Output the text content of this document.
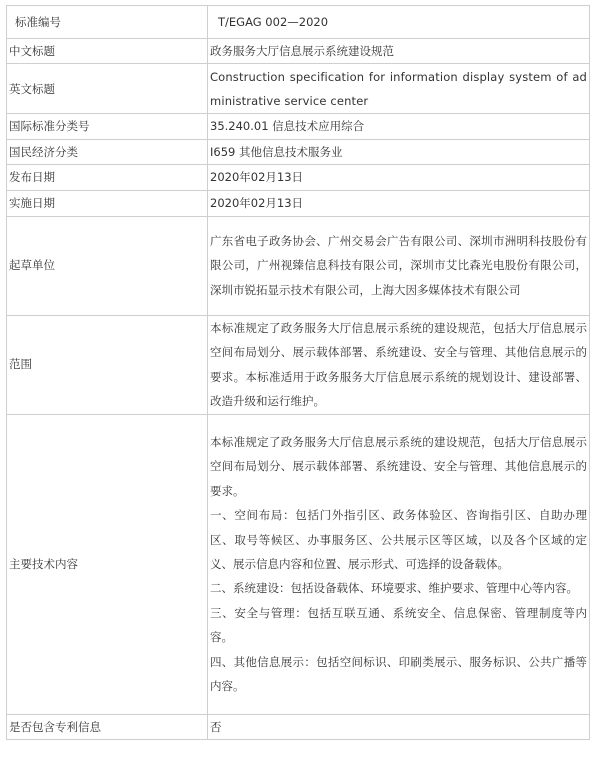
标准编号	T/EGAG 002—2020
中文标题	政务服务大厅信息展示系统建设规范
英文标题	Construction specification for information display system of administrative service center
国际标准分类号	35.240.01 信息技术应用综合
国民经济分类	I659 其他信息技术服务业
发布日期	2020年02月13日
实施日期	2020年02月13日
起草单位	广东省电子政务协会、广州交易会广告有限公司、深圳市洲明科技股份有限公司，广州视臻信息科技有限公司，深圳市艾比森光电股份有限公司，深圳市锐拓显示技术有限公司，上海大因多媒体技术有限公司
范围	本标准规定了政务服务大厅信息展示系统的建设规范，包括大厅信息展示空间布局划分、展示载体部署、系统建设、安全与管理、其他信息展示的要求。本标准适用于政务服务大厅信息展示系统的规划设计、建设部署、改造升级和运行维护。
主要技术内容	本标准规定了政务服务大厅信息展示系统的建设规范，包括大厅信息展示空间布局划分、展示载体部署、系统建设、安全与管理、其他信息展示的要求。

一、空间布局：包括门外指引区、政务体验区、咨询指引区、自助办理区、取号等候区、办事服务区、公共展示区等区域，以及各个区域的定义、展示信息内容和位置、展示形式、可选择的设备载体。

二、系统建设：包括设备载体、环境要求、维护要求、管理中心等内容。

三、安全与管理：包括互联互通、系统安全、信息保密、管理制度等内容。

四、其他信息展示：包括空间标识、印刷类展示、服务标识、公共广播等内容。

是否包含专利信息	否
